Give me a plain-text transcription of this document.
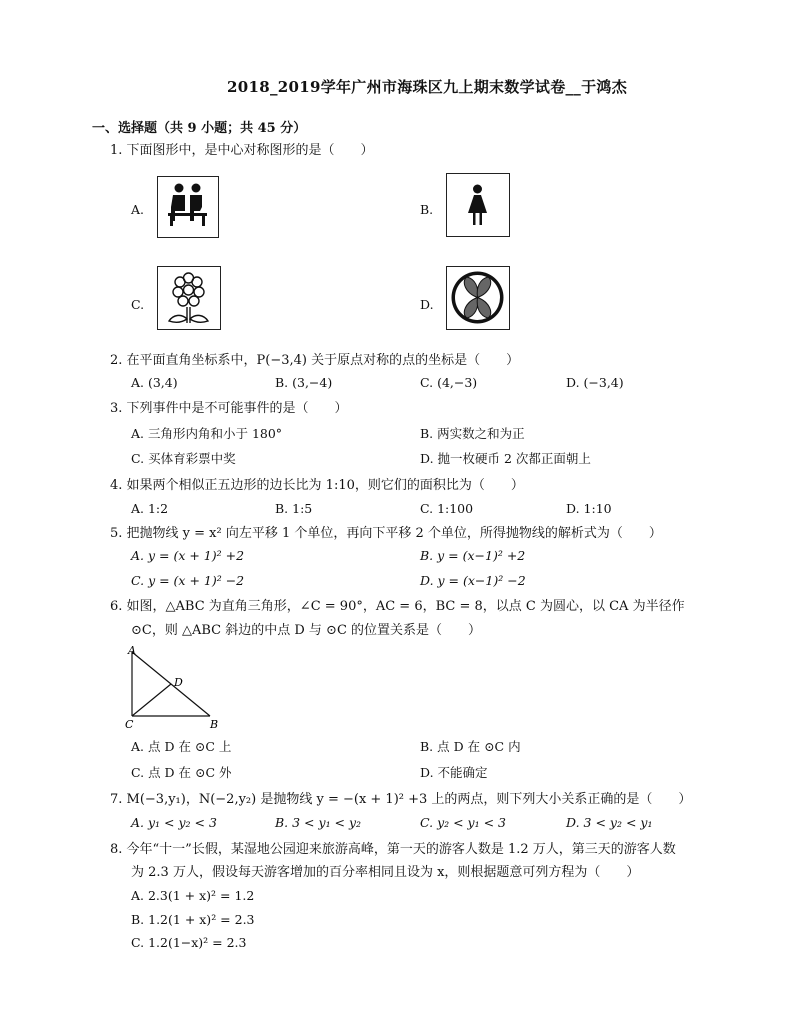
2018_2019学年广州市海珠区九上期末数学试卷__于鸿杰
一、选择题（共 9 小题；共 45 分）
1. 下面图形中，是中心对称图形的是（　　）
A.	B.
C.	D.
2. 在平面直角坐标系中，P(−3,4) 关于原点对称的点的坐标是（　　）
A. (3,4)	B. (3,−4)	C. (4,−3)	D. (−3,4)
3. 下列事件中是不可能事件的是（　　）
A. 三角形内角和小于 180°	B. 两实数之和为正
C. 买体育彩票中奖	D. 抛一枚硬币 2 次都正面朝上
4. 如果两个相似正五边形的边长比为 1:10，则它们的面积比为（　　）
A. 1:2	B. 1:5	C. 1:100	D. 1:10
5. 把抛物线 y = x² 向左平移 1 个单位，再向下平移 2 个单位，所得抛物线的解析式为（　　）
A. y = (x + 1)² +2	B. y = (x−1)² +2
C. y = (x + 1)² −2	D. y = (x−1)² −2
6. 如图，△ABC 为直角三角形，∠C = 90°，AC = 6，BC = 8，以点 C 为圆心，以 CA 为半径作
⊙C，则 △ABC 斜边的中点 D 与 ⊙C 的位置关系是（　　）
A
C	B
D
A. 点 D 在 ⊙C 上	B. 点 D 在 ⊙C 内
C. 点 D 在 ⊙C 外	D. 不能确定
7. M(−3,y₁)，N(−2,y₂) 是抛物线 y = −(x + 1)² +3 上的两点，则下列大小关系正确的是（　　）
A. y₁ < y₂ < 3	B. 3 < y₁ < y₂	C. y₂ < y₁ < 3	D. 3 < y₂ < y₁
8. 今年“十一”长假，某湿地公园迎来旅游高峰，第一天的游客人数是 1.2 万人，第三天的游客人数
为 2.3 万人，假设每天游客增加的百分率相同且设为 x，则根据题意可列方程为（　　）
A. 2.3(1 + x)² = 1.2
B. 1.2(1 + x)² = 2.3
C. 1.2(1−x)² = 2.3
